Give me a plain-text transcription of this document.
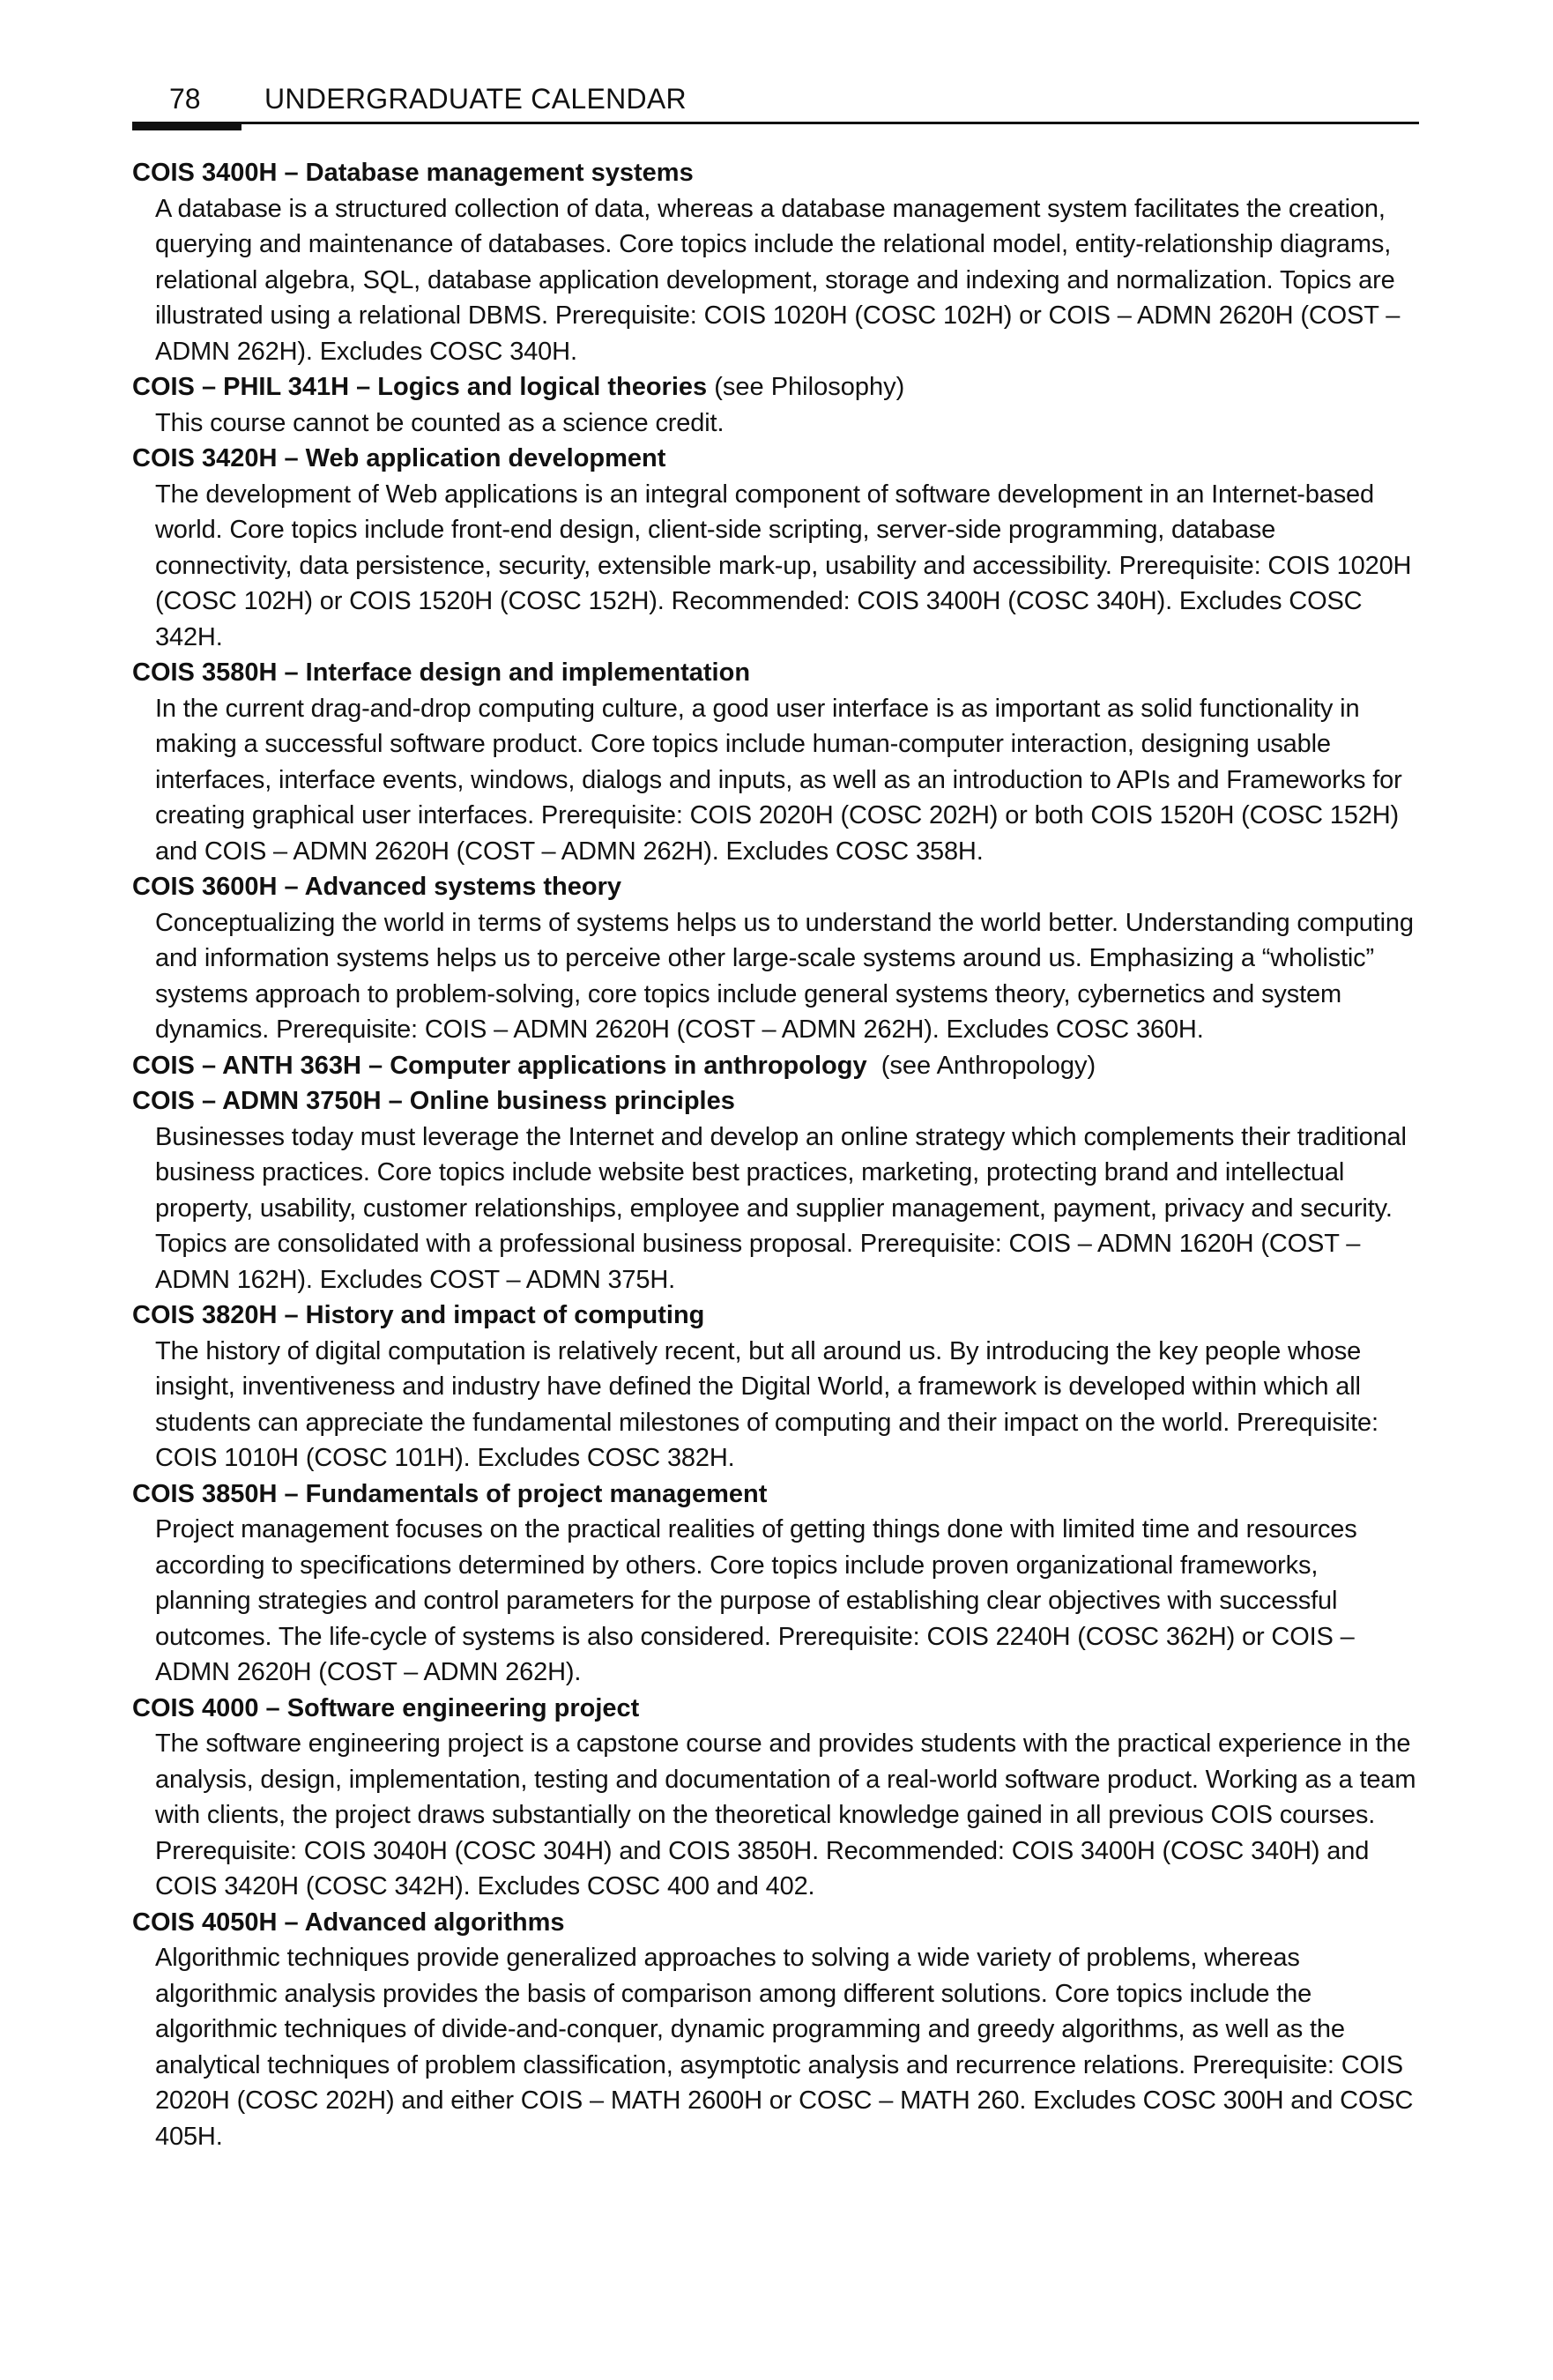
78 UNDERGRADUATE CALENDAR
COIS 3400H – Database management systems
A database is a structured collection of data, whereas a database management system facilitates the creation, querying and maintenance of databases. Core topics include the relational model, entity-relationship diagrams, relational algebra, SQL, database application development, storage and indexing and normalization. Topics are illustrated using a relational DBMS. Prerequisite: COIS 1020H (COSC 102H) or COIS – ADMN 2620H (COST – ADMN 262H). Excludes COSC 340H.
COIS – PHIL 341H – Logics and logical theories (see Philosophy)
This course cannot be counted as a science credit.
COIS 3420H – Web application development
The development of Web applications is an integral component of software development in an Internet-based world. Core topics include front-end design, client-side scripting, server-side programming, database connectivity, data persistence, security, extensible mark-up, usability and accessibility. Prerequisite: COIS 1020H (COSC 102H) or COIS 1520H (COSC 152H). Recommended: COIS 3400H (COSC 340H). Excludes COSC 342H.
COIS 3580H – Interface design and implementation
In the current drag-and-drop computing culture, a good user interface is as important as solid functionality in making a successful software product. Core topics include human-computer interaction, designing usable interfaces, interface events, windows, dialogs and inputs, as well as an introduction to APIs and Frameworks for creating graphical user interfaces. Prerequisite: COIS 2020H (COSC 202H) or both COIS 1520H (COSC 152H) and COIS – ADMN 2620H (COST – ADMN 262H). Excludes COSC 358H.
COIS 3600H – Advanced systems theory
Conceptualizing the world in terms of systems helps us to understand the world better. Understanding computing and information systems helps us to perceive other large-scale systems around us. Emphasizing a “wholistic” systems approach to problem-solving, core topics include general systems theory, cybernetics and system dynamics. Prerequisite: COIS – ADMN 2620H (COST – ADMN 262H). Excludes COSC 360H.
COIS – ANTH 363H – Computer applications in anthropology (see Anthropology)
COIS – ADMN 3750H – Online business principles
Businesses today must leverage the Internet and develop an online strategy which complements their traditional business practices. Core topics include website best practices, marketing, protecting brand and intellectual property, usability, customer relationships, employee and supplier management, payment, privacy and security. Topics are consolidated with a professional business proposal. Prerequisite: COIS – ADMN 1620H (COST – ADMN 162H). Excludes COST – ADMN 375H.
COIS 3820H – History and impact of computing
The history of digital computation is relatively recent, but all around us. By introducing the key people whose insight, inventiveness and industry have defined the Digital World, a framework is developed within which all students can appreciate the fundamental milestones of computing and their impact on the world. Prerequisite: COIS 1010H (COSC 101H). Excludes COSC 382H.
COIS 3850H – Fundamentals of project management
Project management focuses on the practical realities of getting things done with limited time and resources according to specifications determined by others. Core topics include proven organizational frameworks, planning strategies and control parameters for the purpose of establishing clear objectives with successful outcomes. The life-cycle of systems is also considered. Prerequisite: COIS 2240H (COSC 362H) or COIS – ADMN 2620H (COST – ADMN 262H).
COIS 4000 – Software engineering project
The software engineering project is a capstone course and provides students with the practical experience in the analysis, design, implementation, testing and documentation of a real-world software product. Working as a team with clients, the project draws substantially on the theoretical knowledge gained in all previous COIS courses. Prerequisite: COIS 3040H (COSC 304H) and COIS 3850H. Recommended: COIS 3400H (COSC 340H) and COIS 3420H (COSC 342H). Excludes COSC 400 and 402.
COIS 4050H – Advanced algorithms
Algorithmic techniques provide generalized approaches to solving a wide variety of problems, whereas algorithmic analysis provides the basis of comparison among different solutions. Core topics include the algorithmic techniques of divide-and-conquer, dynamic programming and greedy algorithms, as well as the analytical techniques of problem classification, asymptotic analysis and recurrence relations. Prerequisite: COIS 2020H (COSC 202H) and either COIS – MATH 2600H or COSC – MATH 260. Excludes COSC 300H and COSC 405H.
